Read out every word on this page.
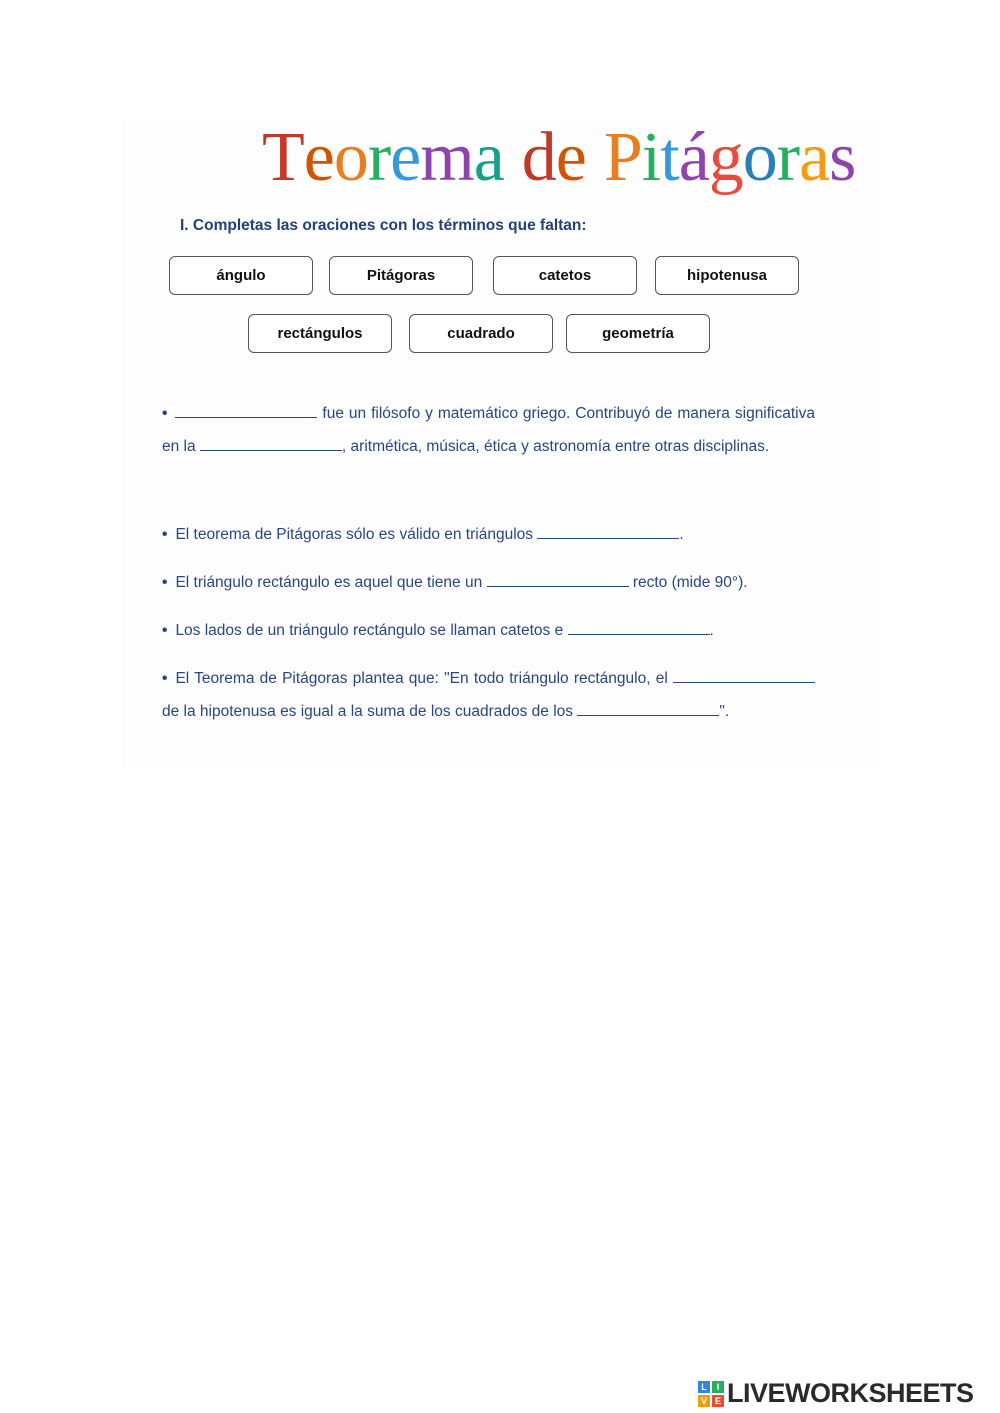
Teorema de Pitágoras
I. Completas las oraciones con los términos que faltan:
ángulo	Pitágoras	catetos	hipotenusa
rectángulos	cuadrado	geometría
•	fue un filósofo y matemático griego. Contribuyó de manera significativa en la	, aritmética, música, ética y astronomía entre otras disciplinas.
• El teorema de Pitágoras sólo es válido en triángulos	.
• El triángulo rectángulo es aquel que tiene un	recto (mide 90°).
• Los lados de un triángulo rectángulo se llaman catetos e	.
• El Teorema de Pitágoras plantea que: "En todo triángulo rectángulo, el  de la hipotenusa es igual a la suma de los cuadrados de los	".
L	I
V E LIVEWORKSHEETS
